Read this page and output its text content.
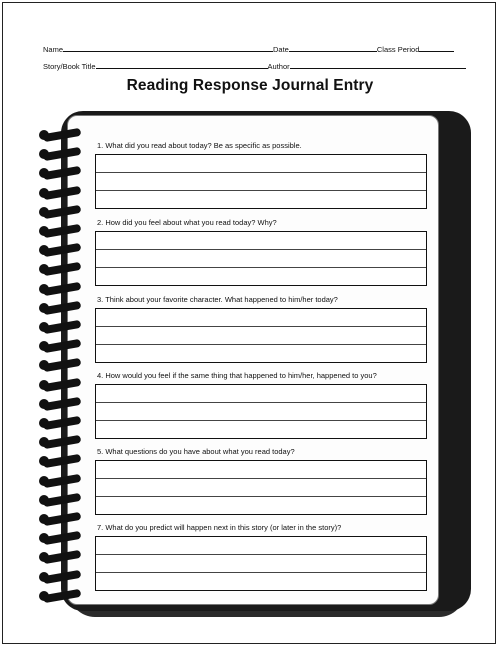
Name	Date	Class Period
Story/Book Title	Author
Reading Response Journal Entry
1. What did you read about today? Be as specific as possible.
2. How did you feel about what you read today? Why?
3. Think about your favorite character. What happened to him/her today?
4. How would you feel if the same thing that happened to him/her, happened to you?
5. What questions do you have about what you read today?
7. What do you predict will happen next in this story (or later in the story)?
